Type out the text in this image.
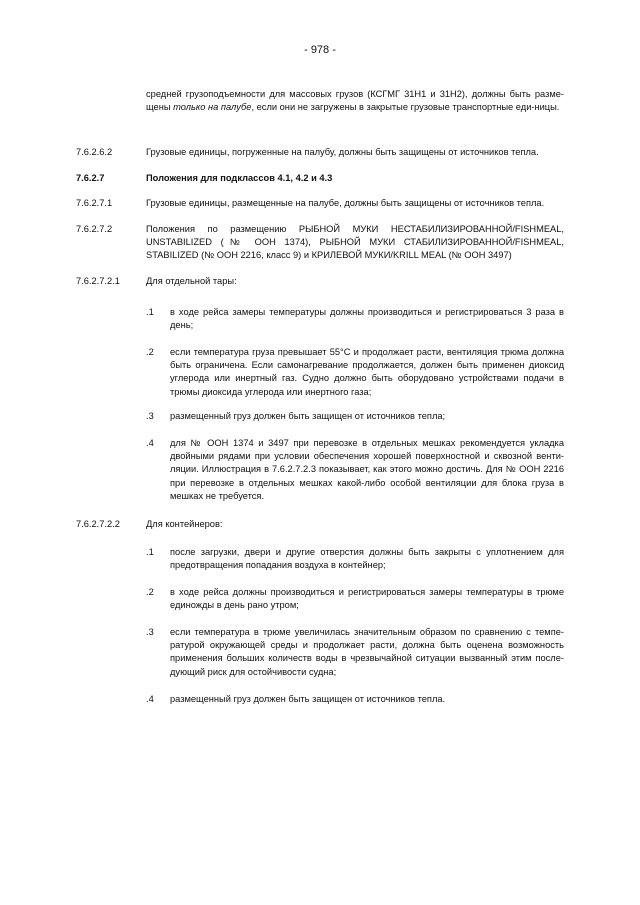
- 978 -
средней грузоподъемности для массовых грузов (КСГМГ 31Н1 и 31Н2), должны быть разме-щены только на палубе, если они не загружены в закрытые грузовые транспортные еди-ницы.
7.6.2.6.2	Грузовые единицы, погруженные на палубу, должны быть защищены от источников тепла.
7.6.2.7	Положения для подклассов 4.1, 4.2 и 4.3
7.6.2.7.1	Грузовые единицы, размещенные на палубе, должны быть защищены от источников тепла.
7.6.2.7.2	Положения по размещению РЫБНОЙ МУКИ НЕСТАБИЛИЗИРОВАННОЙ/FISHMEAL, UNSTABILIZED (№ ООН 1374), РЫБНОЙ МУКИ СТАБИЛИЗИРОВАННОЙ/FISHMEAL, STABILIZED (№ ООН 2216, класс 9) и КРИЛЕВОЙ МУКИ/KRILL MEAL (№ ООН 3497)
7.6.2.7.2.1	Для отдельной тары:
.1 в ходе рейса замеры температуры должны производиться и регистрироваться 3 раза в день;
.2 если температура груза превышает 55°С и продолжает расти, вентиляция трюма должна быть ограничена. Если самонагревание продолжается, должен быть применен диоксид углерода или инертный газ. Судно должно быть оборудовано устройствами подачи в трюмы диоксида углерода или инертного газа;
.3 размещенный груз должен быть защищен от источников тепла;
.4 для № ООН 1374 и 3497 при перевозке в отдельных мешках рекомендуется укладка двойными рядами при условии обеспечения хорошей поверхностной и сквозной венти-ляции. Иллюстрация в 7.6.2.7.2.3 показывает, как этого можно достичь. Для № ООН 2216 при перевозке в отдельных мешках какой-либо особой вентиляции для блока груза в мешках не требуется.
7.6.2.7.2.2	Для контейнеров:
.1 после загрузки, двери и другие отверстия должны быть закрыты с уплотнением для предотвращения попадания воздуха в контейнер;
.2 в ходе рейса должны производиться и регистрироваться замеры температуры в трюме единожды в день рано утром;
.3 если температура в трюме увеличилась значительным образом по сравнению с темпе-ратурой окружающей среды и продолжает расти, должна быть оценена возможность применения больших количеств воды в чрезвычайной ситуации вызванный этим после-дующий риск для остойчивости судна;
.4 размещенный груз должен быть защищен от источников тепла.
